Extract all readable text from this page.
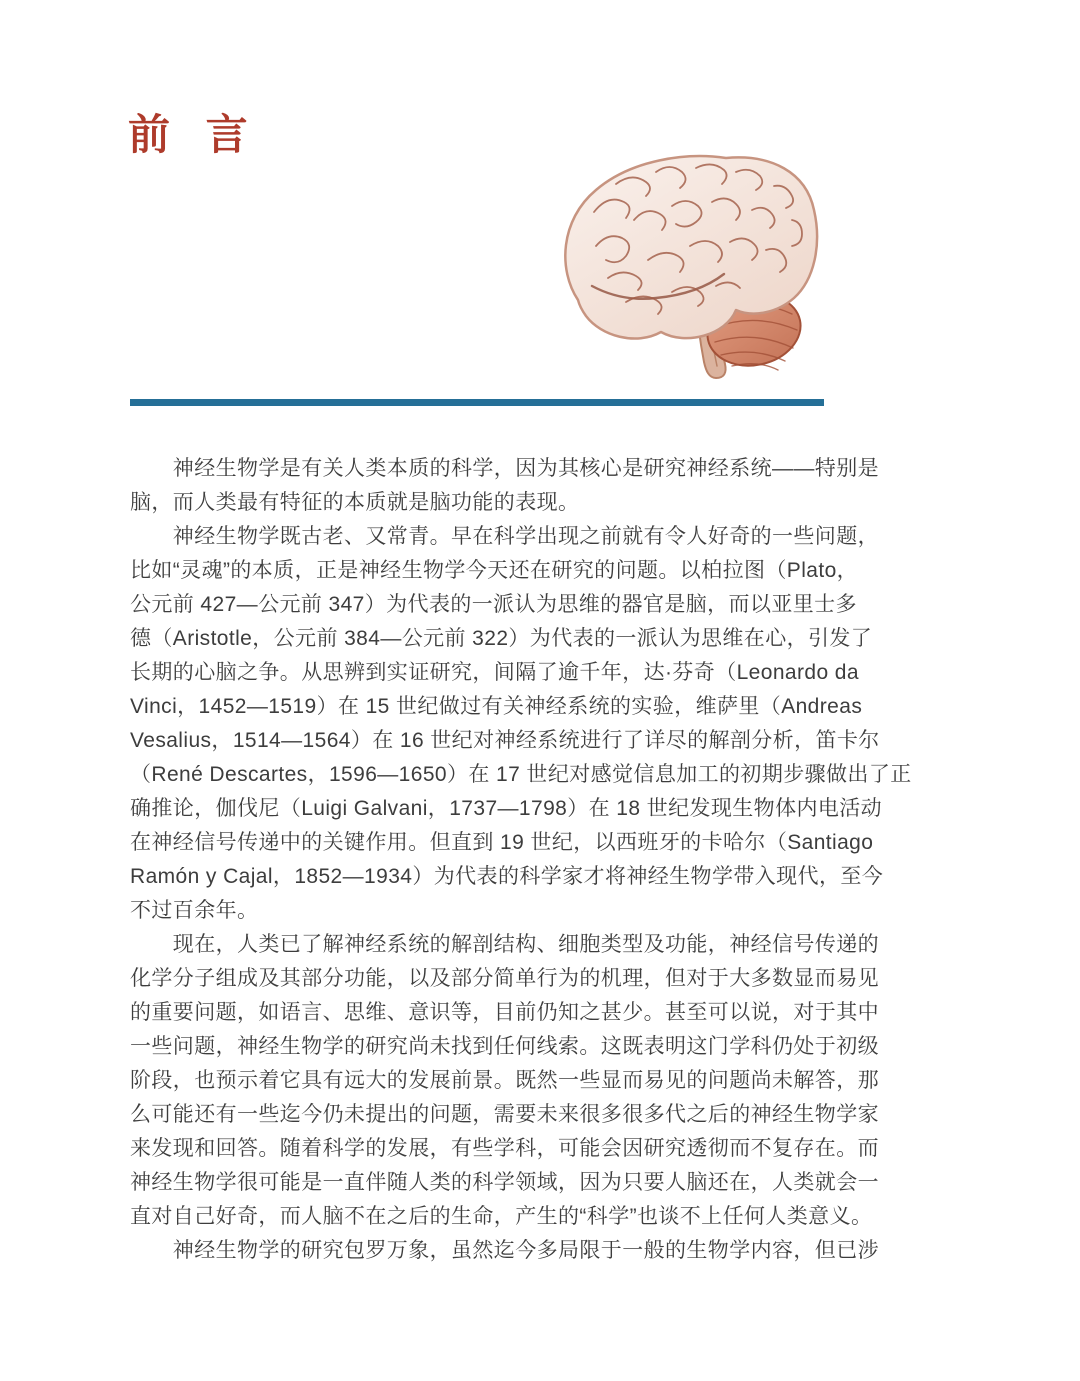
前 言
　　神经生物学是有关人类本质的科学，因为其核心是研究神经系统——特别是
脑，而人类最有特征的本质就是脑功能的表现。
　　神经生物学既古老、又常青。早在科学出现之前就有令人好奇的一些问题，
比如“灵魂”的本质，正是神经生物学今天还在研究的问题。以柏拉图（Plato，
公元前 427—公元前 347）为代表的一派认为思维的器官是脑，而以亚里士多
德（Aristotle，公元前 384—公元前 322）为代表的一派认为思维在心，引发了
长期的心脑之争。从思辨到实证研究，间隔了逾千年，达·芬奇（Leonardo da
Vinci，1452—1519）在 15 世纪做过有关神经系统的实验，维萨里（Andreas
Vesalius，1514—1564）在 16 世纪对神经系统进行了详尽的解剖分析，笛卡尔
（René Descartes，1596—1650）在 17 世纪对感觉信息加工的初期步骤做出了正
确推论，伽伐尼（Luigi Galvani，1737—1798）在 18 世纪发现生物体内电活动
在神经信号传递中的关键作用。但直到 19 世纪，以西班牙的卡哈尔（Santiago
Ramón y Cajal，1852—1934）为代表的科学家才将神经生物学带入现代，至今
不过百余年。
　　现在，人类已了解神经系统的解剖结构、细胞类型及功能，神经信号传递的
化学分子组成及其部分功能，以及部分简单行为的机理，但对于大多数显而易见
的重要问题，如语言、思维、意识等，目前仍知之甚少。甚至可以说，对于其中
一些问题，神经生物学的研究尚未找到任何线索。这既表明这门学科仍处于初级
阶段，也预示着它具有远大的发展前景。既然一些显而易见的问题尚未解答，那
么可能还有一些迄今仍未提出的问题，需要未来很多很多代之后的神经生物学家
来发现和回答。随着科学的发展，有些学科，可能会因研究透彻而不复存在。而
神经生物学很可能是一直伴随人类的科学领域，因为只要人脑还在，人类就会一
直对自己好奇，而人脑不在之后的生命，产生的“科学”也谈不上任何人类意义。
　　神经生物学的研究包罗万象，虽然迄今多局限于一般的生物学内容，但已涉
